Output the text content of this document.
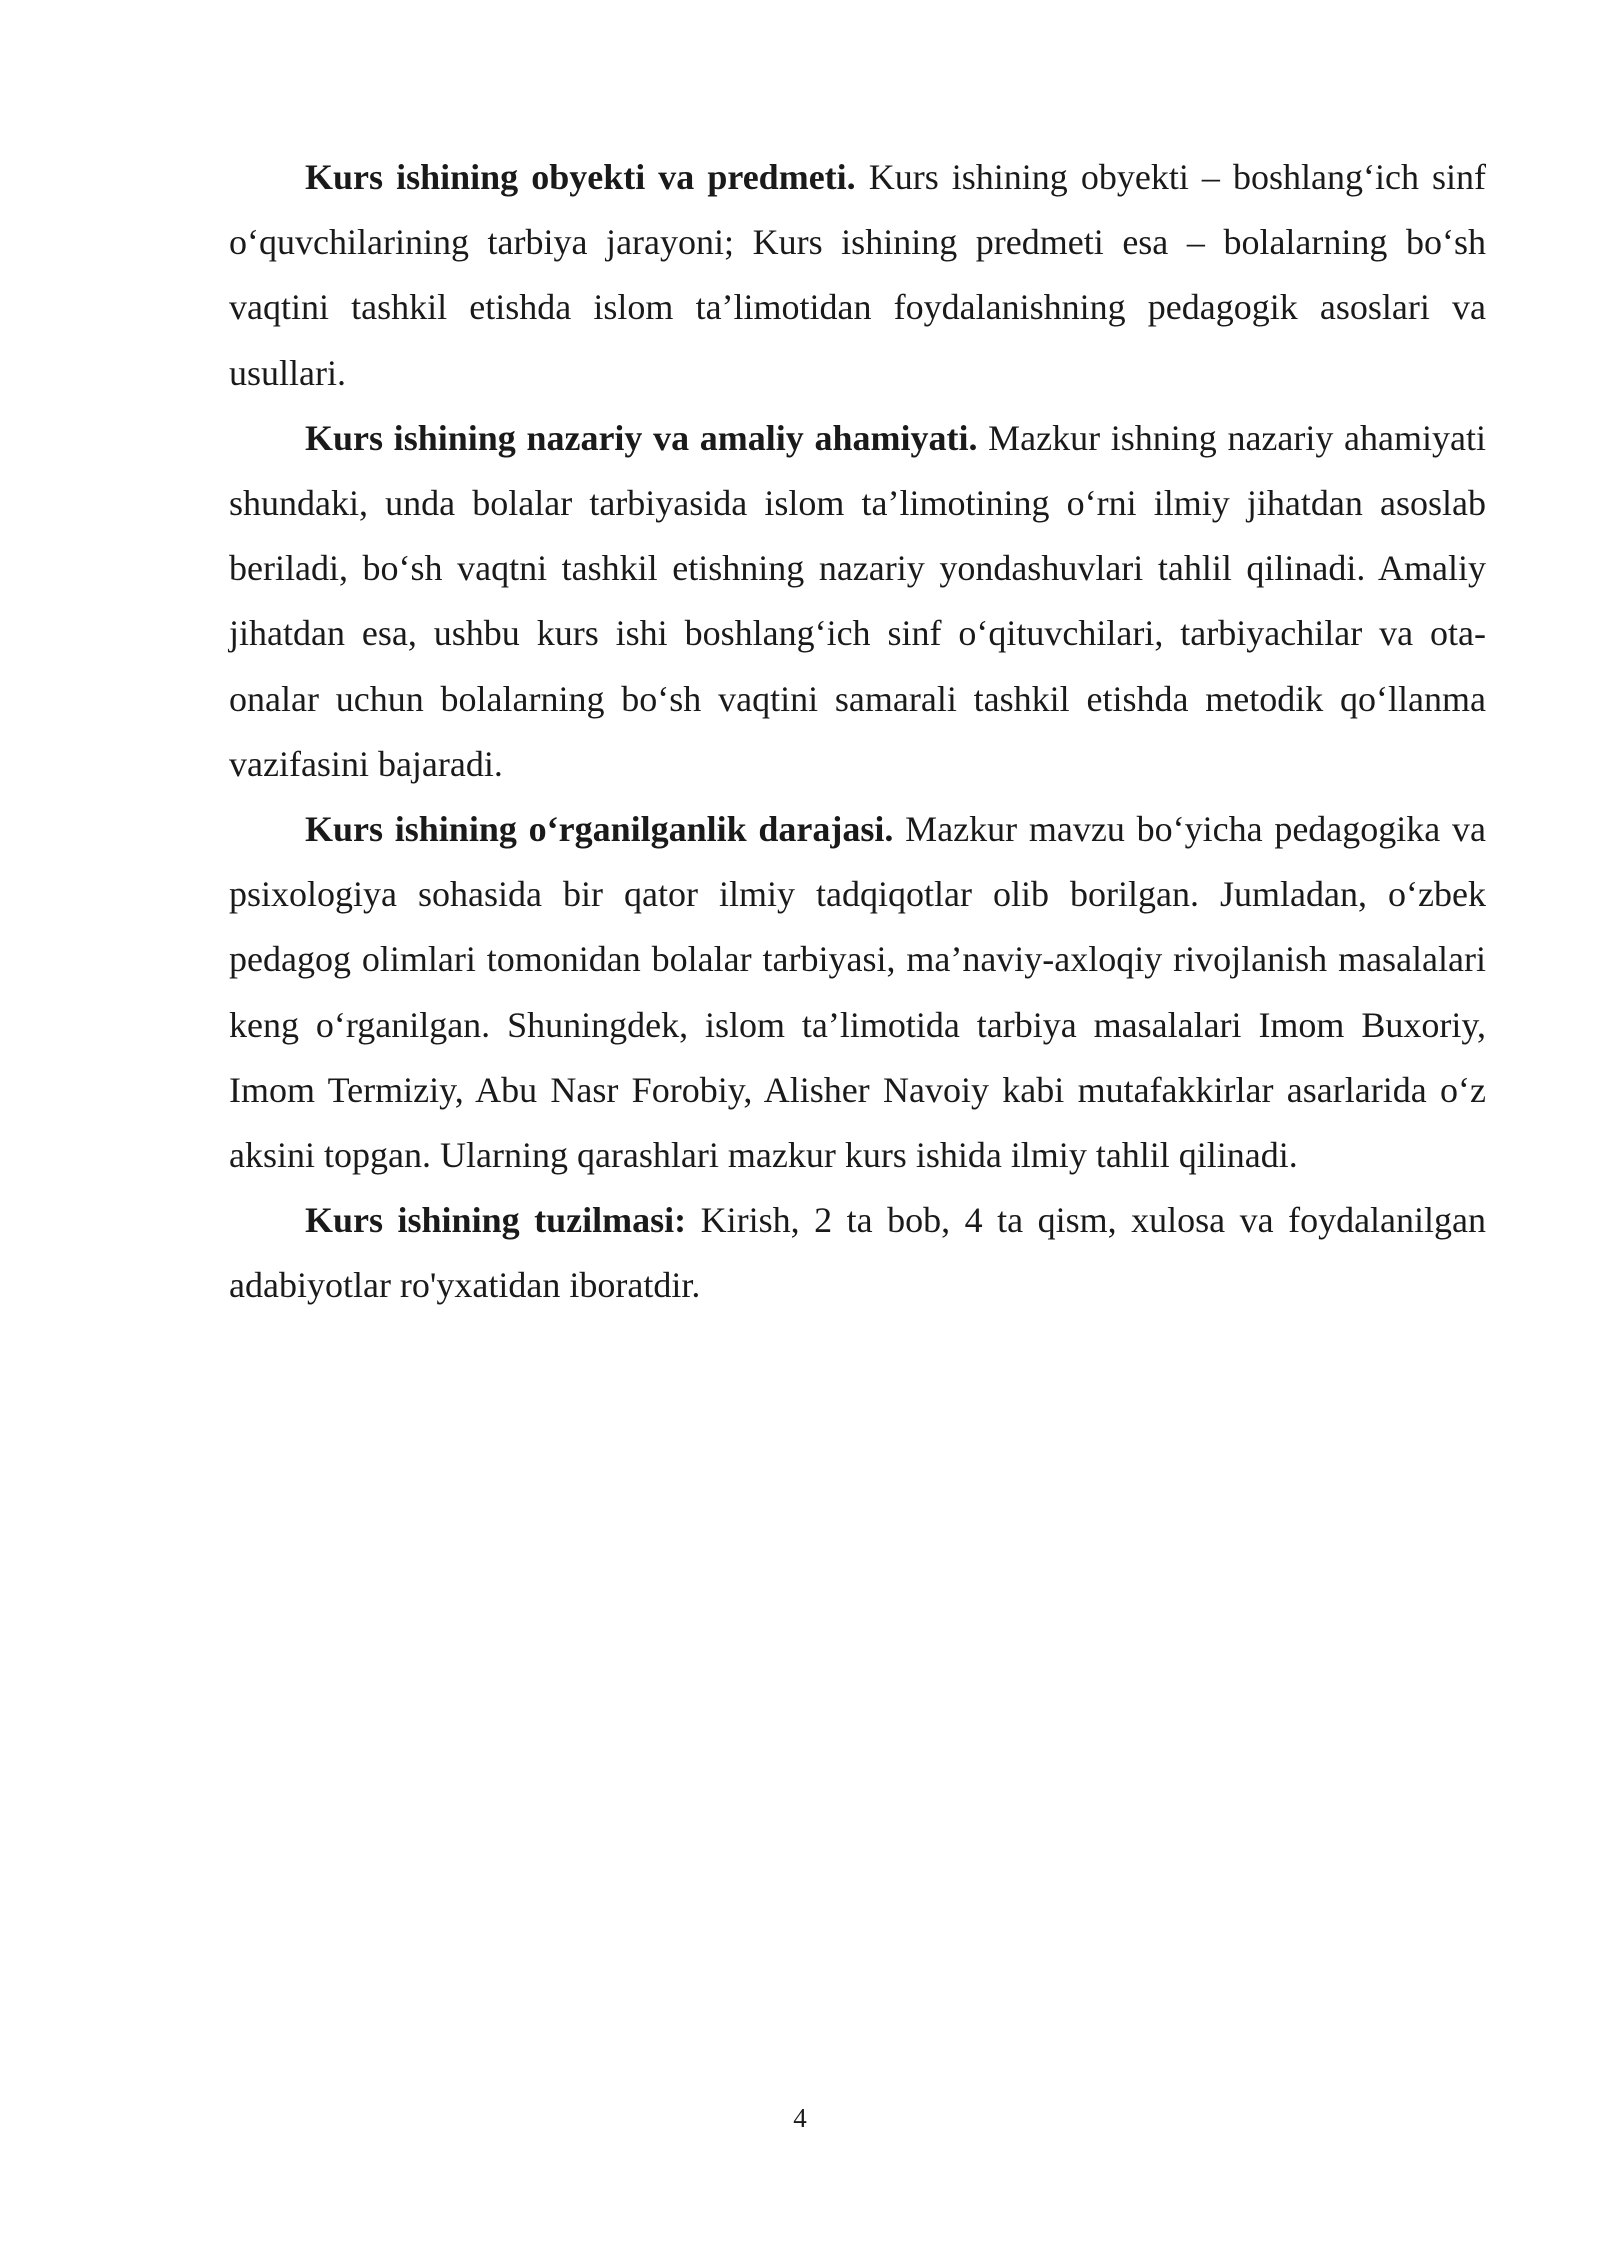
Kurs ishining obyekti va predmeti. Kurs ishining obyekti – boshlang‘ich sinf o‘quvchilarining tarbiya jarayoni; Kurs ishining predmeti esa – bolalarning bo‘sh vaqtini tashkil etishda islom ta’limotidan foydalanishning pedagogik asoslari va usullari.

Kurs ishining nazariy va amaliy ahamiyati. Mazkur ishning nazariy ahamiyati shundaki, unda bolalar tarbiyasida islom ta’limotining o‘rni ilmiy jihatdan asoslab beriladi, bo‘sh vaqtni tashkil etishning nazariy yondashuvlari tahlil qilinadi. Amaliy jihatdan esa, ushbu kurs ishi boshlang‘ich sinf o‘qituvchilari, tarbiyachilar va ota-onalar uchun bolalarning bo‘sh vaqtini samarali tashkil etishda metodik qo‘llanma vazifasini bajaradi.

Kurs ishining o‘rganilganlik darajasi. Mazkur mavzu bo‘yicha pedagogika va psixologiya sohasida bir qator ilmiy tadqiqotlar olib borilgan. Jumladan, o‘zbek pedagog olimlari tomonidan bolalar tarbiyasi, ma’naviy-axloqiy rivojlanish masalalari keng o‘rganilgan. Shuningdek, islom ta’limotida tarbiya masalalari Imom Buxoriy, Imom Termiziy, Abu Nasr Forobiy, Alisher Navoiy kabi mutafakkirlar asarlarida o‘z aksini topgan. Ularning qarashlari mazkur kurs ishida ilmiy tahlil qilinadi.

Kurs ishining tuzilmasi: Kirish, 2 ta bob, 4 ta qism, xulosa va foydalanilgan adabiyotlar ro'yxatidan iboratdir.

4
